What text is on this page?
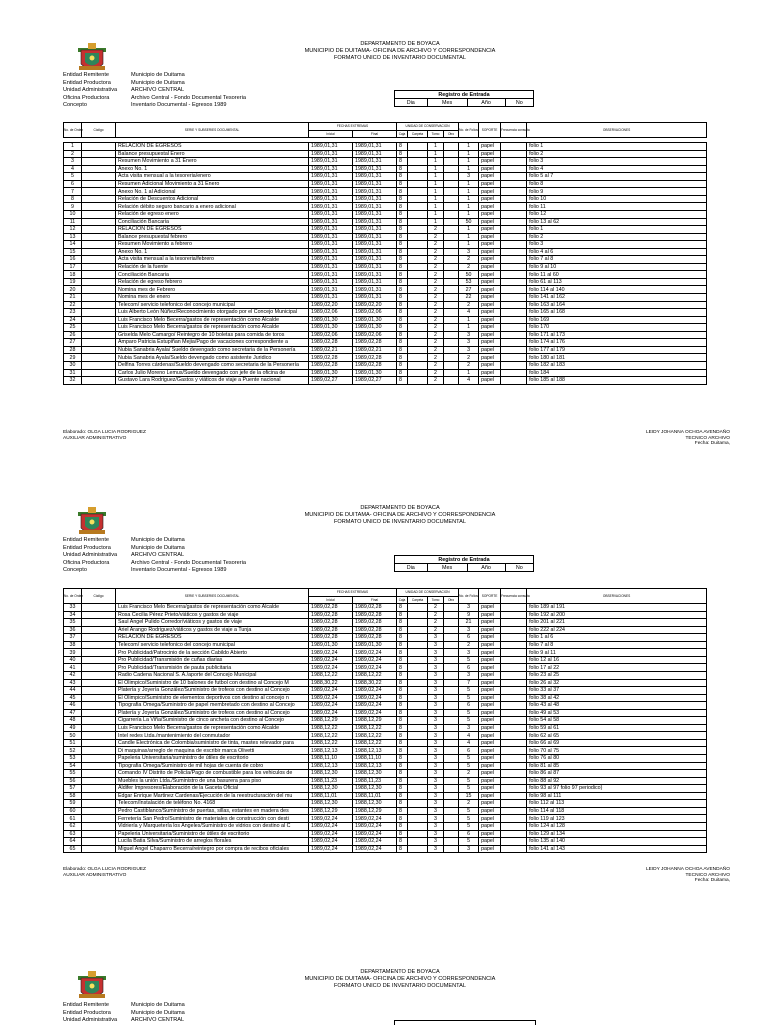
DEPARTAMENTO DE BOYACA
MUNICIPIO DE DUITAMA- OFICINA DE ARCHIVO Y CORRESPONDENCIA
FORMATO UNICO DE INVENTARIO DOCUMENTAL
Entidad Remitente	Municipio de Duitama
Entidad Productora	Municipio de Duitama
Unidad Administrativa ARCHIVO CENTRAL
Oficina Productora	Archivo Central - Fondo Documental Tesoreria
Concepto	Inventario Documental - Egresos 1989
Registro de Entrada
Dia	Mes	Año	No
No. de Orden	Código	SERIE Y SUBSERIES DOCUMENTAL	FECHAS EXTREMAS		UNIDAD DE CONSERVACION				No. de Folios	SOPORTE	Frecuencia consulta	OBSERVACIONES
			Inicial	Final	Caja	Carpeta	Tomo	Otro				

1		RELACION DE EGRESOS	1989,01,31	1989,01,31	8		1		1	papel		folio 1
2		Balance presupuestal Enero	1989,01,31	1989,01,31	8		1		1	papel		folio 2
3		Resumen Movimiento a 31 Enero	1989,01,31	1989,01,31	8		1		1	papel		folio 3
4		Anexo No. 1	1989,01,31	1989,01,31	8		1		1	papel		folio 4
5		Acta visita mensual a la tesoreria/enero	1989,01,31	1989,01,31	8		1		3	papel		folio 5 al 7
6		Resumen Adicional Movimiento a 31 Enero	1989,01,31	1989,01,31	8		1		1	papel		folio 8
7		Anexo No. 1 al Adicional	1989,01,31	1989,01,31	8		1		1	papel		folio 9
8		Relación de Descuentos Adicional	1989,01,31	1989,01,31	8		1		1	papel		folio 10
9		Relación débito seguro bancario a enero adicional	1989,01,31	1989,01,31	8		1		1	papel		folio 11
10		Relación de egreso enero	1989,01,31	1989,01,31	8		1		1	papel		folio 12
11		Conciliación Bancaria	1989,01,31	1989,01,31	8		1		50	papel		folio 13 al 62
12		RELACION DE EGRESOS	1989,01,31	1989,01,31	8		2		1	papel		folio 1
13		Balance presupuestal febrero	1989,01,31	1989,01,31	8		2		1	papel		folio 2
14		Resumen Movimiento a febrero	1989,01,31	1989,01,31	8		2		1	papel		folio 3
15		Anexo No. 1	1989,01,31	1989,01,31	8		2		3	papel		folio 4 al 6
16		Acta visita mensual a la tesoreria/febrero	1989,01,31	1989,01,31	8		2		2	papel		folio 7 al 8
17		Relación de la fuente	1989,01,31	1989,01,31	8		2		2	papel		folio 9 al 10
18		Conciliación Bancaria	1989,01,31	1989,01,31	8		2		50	papel		folio 11 al 60
19		Relación de egreso febrero	1989,01,31	1989,01,31	8		2		53	papel		folio 61 al 113
20		Nomina mes de Febrero	1989,01,31	1989,01,31	8		2		27	papel		folio 114 al 140
21		Nomina mes de enero	1989,01,31	1989,01,31	8		2		22	papel		folio 141 al 162
22		Telecom/ servicio telefonico del concejo municipal	1989,02,20	1989,02,20	8		2		2	papel		folio 163 al 164
23		Luis Alberto León Núñez/Reconocimiento otorgado por el Concejo Municipal	1989,02,06	1989,02,06	8		2		4	papel		folio 165 al 168
24		Luis Francisco Melo Becerra/gastos de representación como Alcalde	1989,01,30	1989,01,30	8		2		1	papel		folio 169
25		Luis Francisco Melo Becerra/gastos de representación como Alcalde	1989,01,30	1989,01,30	8		2		1	papel		folio 170
26		Griselda Melo Camargo/ Reintegro de 10 boletas para comida de toros	1989,02,06	1989,02,06	8		2		3	papel		folio 171 al 173
27		Amparo Patricia Estupiñan Mejia/Pago de vacaciones correspondiente a	1989,02,28	1989,02,28	8		2		3	papel		folio 174 al 176
28		Nubia Sanabria Ayala/ Sueldo devengado como secretaria de la Personería	1989,02,21	1989,02,21	8		2		3	papel		folio 177 al 179
29		Nubia Sanabria Ayala/Sueldo devengado como asistente Juridico	1989,02,28	1989,02,28	8		2		2	papel		folio 180 al 181
30		Delfina Torres cárdenas/Sueldo devengado como secretaria de la Personería	1989,02,28	1989,02,28	8		2		2	papel		folio 182 al 183
31		Carlos Julio Moreno Lemus/Sueldo devengado con jefe de la oficina de	1989,01,30	1989,01,30	8		2		1	papel		folio 184
32		Gustavo Lara Rodriguez/Gastos y viáticos de viaje a Puente nacional	1989,02,27	1989,02,27	8		2		4	papel		folio 185 al 188
Elaborado: OLGA LUCIA RODRIGUEZ
AUXILIAR ADMINISTRATIVO
LEIDY JOHANNA OCHOA AVENDAÑO
TECNICO ARCHIVO
Fecha: Duitama,
DEPARTAMENTO DE BOYACA
MUNICIPIO DE DUITAMA- OFICINA DE ARCHIVO Y CORRESPONDENCIA
FORMATO UNICO DE INVENTARIO DOCUMENTAL
Entidad Remitente	Municipio de Duitama
Entidad Productora	Municipio de Duitama
Unidad Administrativa ARCHIVO CENTRAL
Oficina Productora	Archivo Central - Fondo Documental Tesoreria
Concepto	Inventario Documental - Egresos 1989
Registro de Entrada
Dia	Mes	Año	No
No. de Orden	Código	SERIE Y SUBSERIES DOCUMENTAL	FECHAS EXTREMAS		UNIDAD DE CONSERVACION				No. de Folios	SOPORTE	Frecuencia consulta	OBSERVACIONES
			Inicial	Final	Caja	Carpeta	Tomo	Otro				
33		Luis Francisco Melo Becerra/gastos de representación como Alcalde	1989,02,28	1989,02,28	8		2		3	papel		folio 189 al 191
34		Rosa Cecilia Pérez Prieto/viáticos y gastos de viaje	1989,02,28	1989,02,28	8		2		9	papel		folio 192 al 200
35		Saul Angel Pulido Corredor/viáticos y gastos de viaje	1989,02,28	1989,02,28	8		2		21	papel		folio 201 al 221
36		Ariel Arango Rodriguez/viáticos y gastos de viaje a Tunja	1989,02,28	1989,02,28	8		2		3	papel		folio 222 al 224
37		RELACION DE EGRESOS	1989,02,28	1989,02,28	8		3		6	papel		folio 1 al 6
38		Telecom/ servicio telefonico del concejo municipal	1989,01,30	1989,01,30	8		3		2	papel		folio 7 al 8
39		Pro Publicidad/Patrocinio de la sección Cabildo Abierto	1989,02,24	1989,02,24	8		3		3	papel		folio 9 al 11
40		Pro Publicidad/Transmisión de cuñas diarias	1989,02,24	1989,02,24	8		3		5	papel		folio 12 al 16
41		Pro Publicidad/Transmisión de pauta publicitaria	1989,02,24	1989,02,24	8		3		6	papel		folio 17 al 22
42		Radio Cadena Nacional S. A./aporte del Concejo Municipal	1988,12,22	1988,12,22	8		3		3	papel		folio 23 al 25
43		El Olimpico/Suministro de 10 balones de futbol con destino al Concejo M	1988,30,22	1988,30,22	8		3		7	papel		folio 26 al 32
44		Platería y Joyería González/Suministro de trofeos con destino al Concejo	1989,02,24	1989,02,24	8		3		5	papel		folio 33 al 37
45		El Olimpico/Suministro de elementos deportivos con destino al concejo n	1989,02,24	1989,02,24	8		3		5	papel		folio 38 al 42
46		Tipografia Omega/Suministro de papel membretado con destino al Concejo	1989,02,24	1989,02,24	8		3		6	papel		folio 43 al 48
47		Platería y Joyería González/Suministro de trofeos con destino al Concejo	1989,02,24	1989,02,24	8		3		5	papel		folio 49 al 53
48		Cigarrería La Viña/Suministro de cinco ancheta con destino al Concejo	1988,12,29	1988,12,29	8		3		5	papel		folio 54 al 58
49		Luis Francisco Melo Becerra/gastos de representación como Alcalde	1988,12,22	1988,12,22	8		3		3	papel		folio 59 al 61
50		Intel redes Ltda./mantenimiento del conmutador	1988,12,22	1988,12,22	8		3		4	papel		folio 62 al 65
51		Candle Electrónica de Colombia/suministro de tinta, mastes relevador para	1988,12,22	1988,12,22	8		3		4	papel		folio 66 al 69
52		Di maquinas/arreglo de maquina de escribir marca Olivetti	1988,12,13	1988,12,13	8		3		6	papel		folio 70 al 75
53		Papeleria Universitaria/suministro de útiles de escritorio	1988,11,10	1988,11,10	8		3		5	papel		folio 76 al 80
54		Tipografia Omega/Suministro de mil hojas de cuenta de cobro	1988,12,13	1988,12,13	8		3		5	papel		folio 81 al 85
55		Comando IV Distrito de Policía/Pago de combustible para los vehiculos de	1988,12,30	1988,12,30	8		3		2	papel		folio 86 al 87
56		Muebles la unión Ltda./Suministro de una basurera para piso	1988,11,23	1988,11,23	8		3		5	papel		folio 88 al 92
57		Aldifer Impresores/Elaboración de la Gaceta Oficial	1988,12,30	1988,12,30	8		3		5	papel		folio 93 al 97 folio 97 periodico)
58		Edgar Enrique Martinez Cardenas/Ejecución de la reestructuración del mu	1988,11,01	1988,11,01	8		3		15	papel		folio 98 al 111
59		Telecom/Instalación de teléfono No. 4168	1988,12,30	1988,12,30	8		3		2	papel		folio 112 al 113
60		Pedro Castiblanco/Suministro de puertas, sillas, estantes en madera des	1988,12,29	1988,12,29	8		3		5	papel		folio 114 al 118
61		Ferretería San Pedro/Suministro de materiales de construcción con desti	1989,02,24	1989,02,24	8		3		5	papel		folio 119 al 123
62		Vidriería y Marquetería los Angeles/Suministro de vidrios con destino al C	1989,02,24	1989,02,24	8		3		5	papel		folio 124 al 128
63		Papeleria Universitaria/Suministro de útiles de escritorio	1989,02,24	1989,02,24	8		3		6	papel		folio 129 al 134
64		Lucila Batia Silva/Suministro de arreglos florales	1989,02,24	1989,02,24	8		3		5	papel		folio 135 al 140
65		Miguel Angel Chaparro Becerra/reintegro por compra de recibos oficiales	1989,02,24	1989,02,24	8		3		3	papel		folio 141 al 143
Elaborado: OLGA LUCIA RODRIGUEZ
AUXILIAR ADMINISTRATIVO
LEIDY JOHANNA OCHOA AVENDAÑO
TECNICO ARCHIVO
Fecha: Duitama,
DEPARTAMENTO DE BOYACA
MUNICIPIO DE DUITAMA- OFICINA DE ARCHIVO Y CORRESPONDENCIA
FORMATO UNICO DE INVENTARIO DOCUMENTAL
Entidad Remitente	Municipio de Duitama
Entidad Productora	Municipio de Duitama
Unidad Administrativa ARCHIVO CENTRAL
